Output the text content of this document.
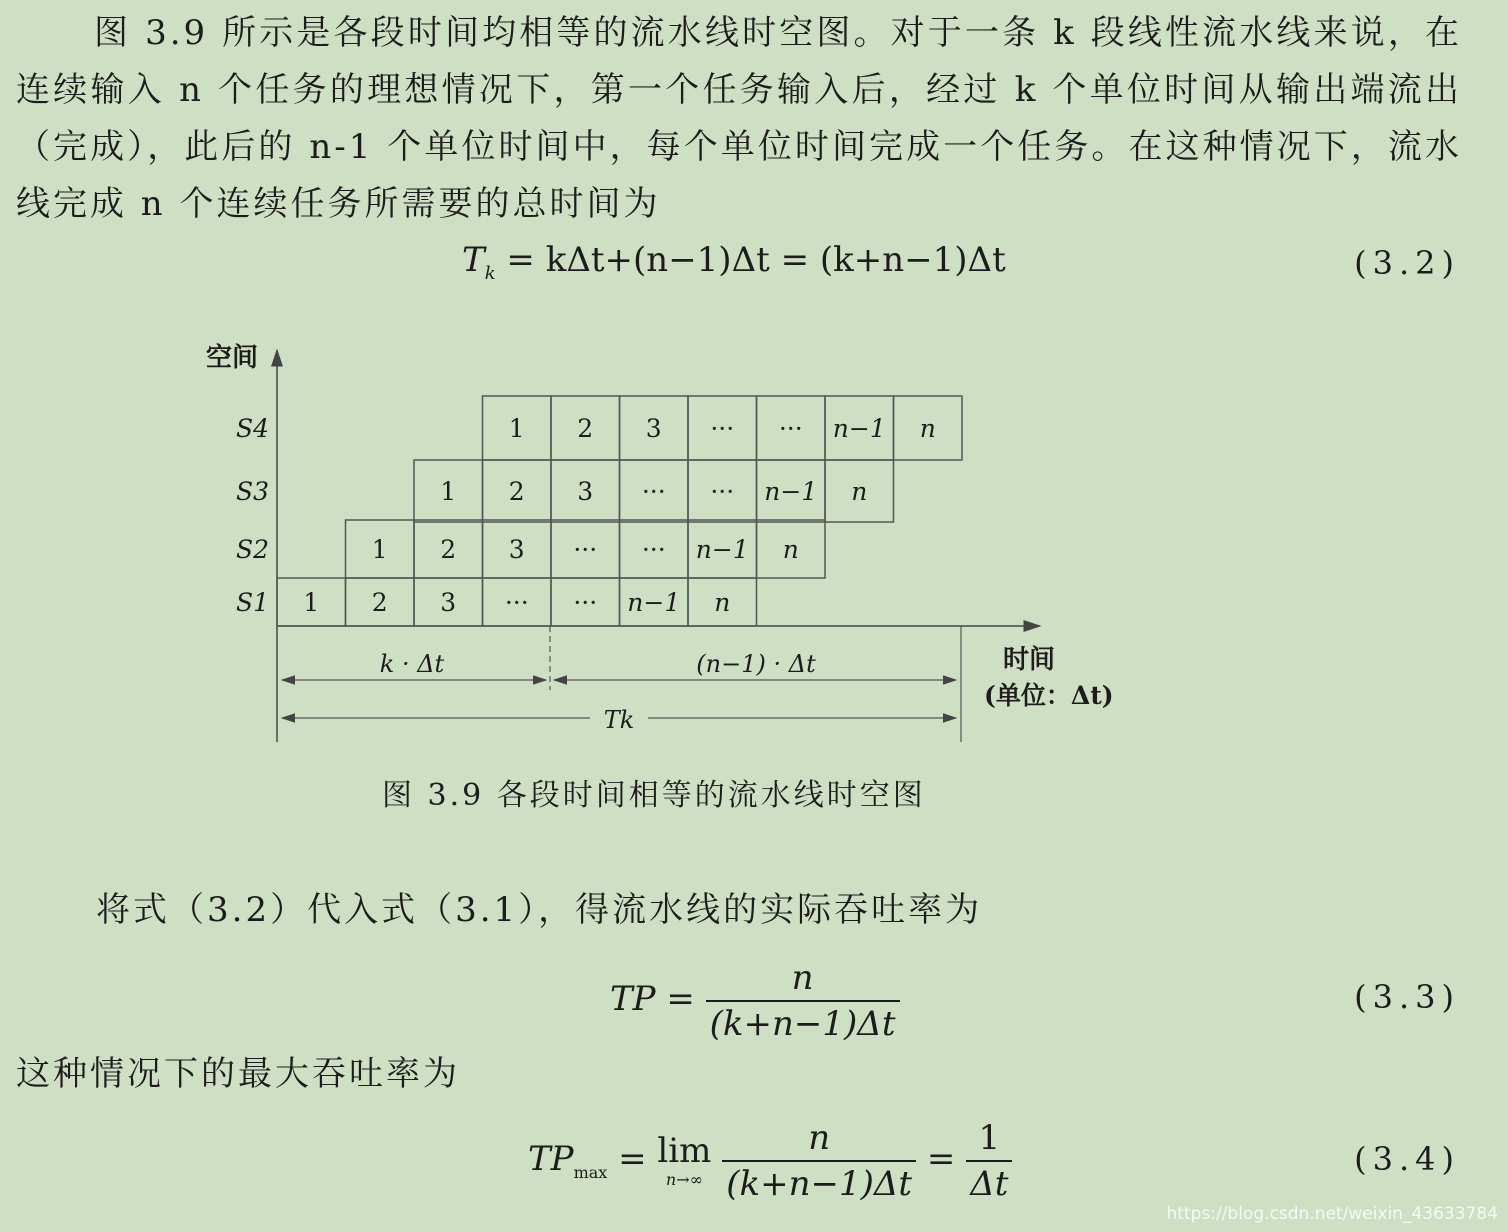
图 3.9 所示是各段时间均相等的流水线时空图。对于一条 k 段线性流水线来说，在连续输入 n 个任务的理想情况下，第一个任务输入后，经过 k 个单位时间从输出端流出（完成），此后的 n-1 个单位时间中，每个单位时间完成一个任务。在这种情况下，流水线完成 n 个连续任务所需要的总时间为

$T_k = k\Delta t+(n-1)\Delta t = (k+n-1)\Delta t$	(3.2)
空间
时间
(单位：Δt)
1 2 3 ··· ··· n−1 n
S4
1 2 3 ··· ··· n−1 n
S3
1 2 3 ··· ··· n−1 n
S2
1 2 3 ··· ··· n−1 n
S1
k · Δt	(n−1) · Δt
Tk
图 3.9 各段时间相等的流水线时空图

将式（3.2）代入式（3.1），得流水线的实际吞吐率为

TP = $\frac{n}{(k+n-1)\Delta t}$	(3.3)

这种情况下的最大吞吐率为

$TP_{max} = \lim$
n→∞
$\frac{n}{(k+n-1)\Delta t} = \frac{1}{\Delta t}$	(3.4)
https://blog.csdn.net/weixin_43633784
